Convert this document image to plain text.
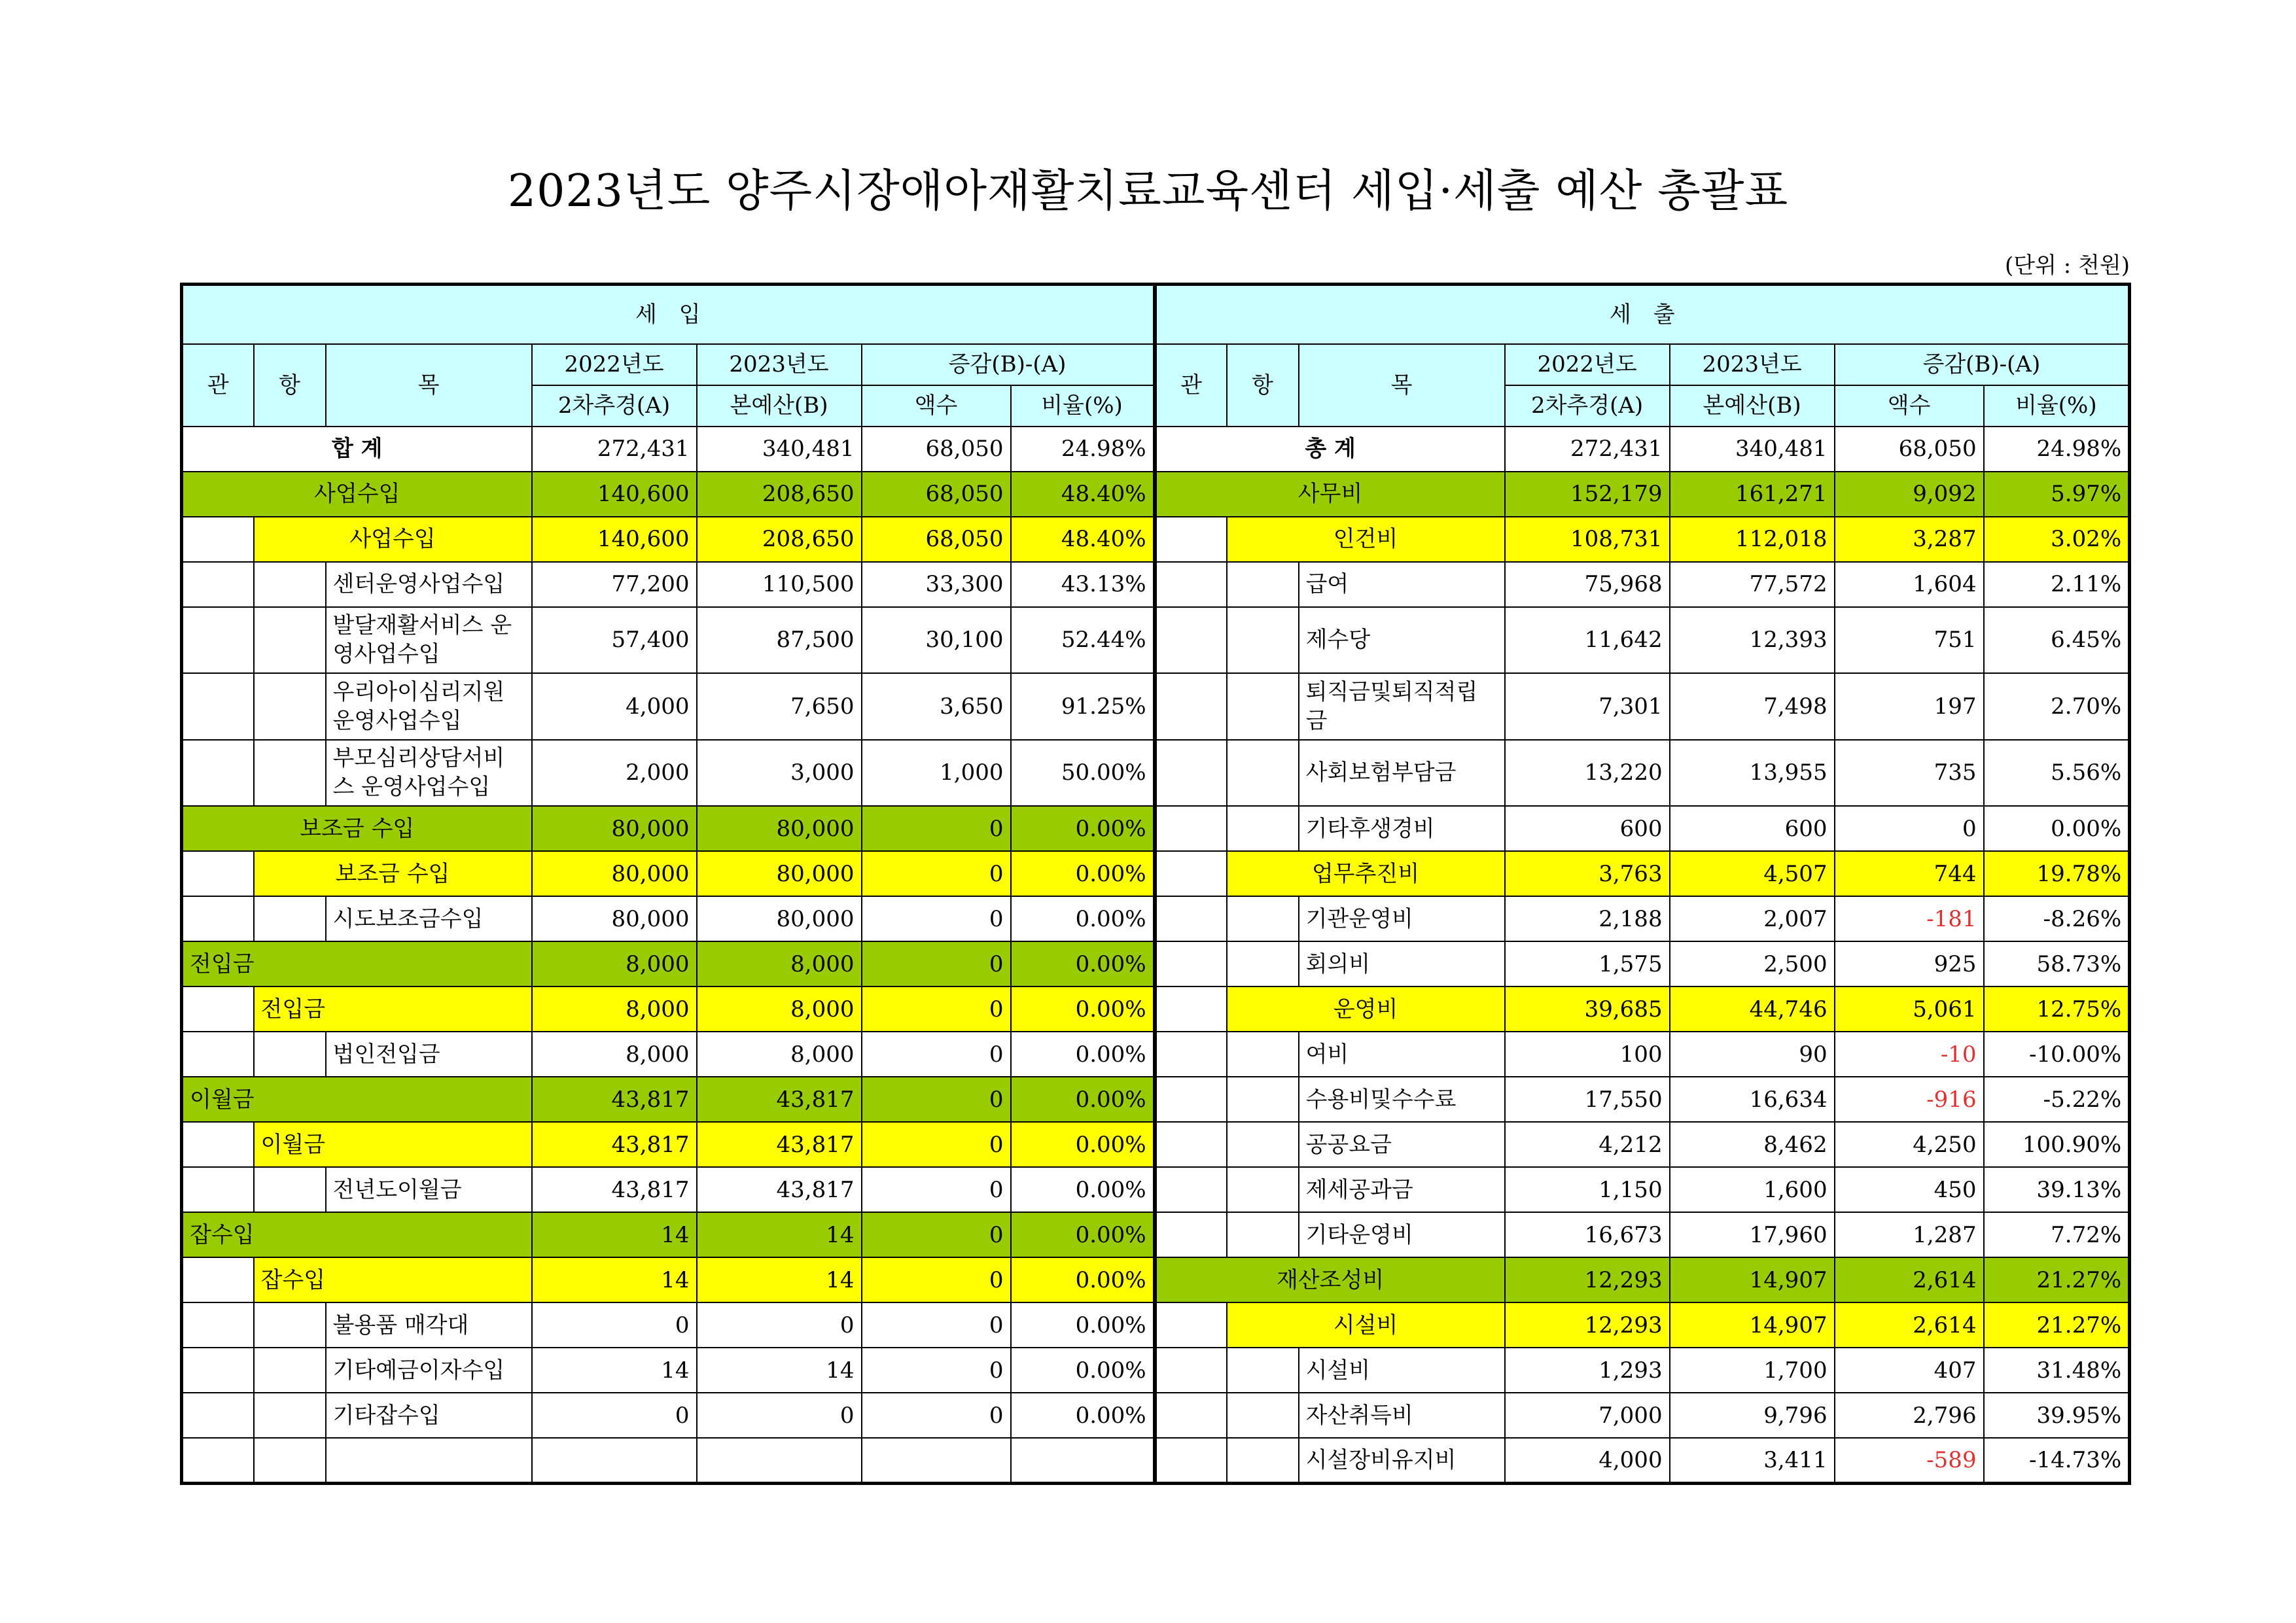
2023년도 양주시장애아재활치료교육센터 세입·세출 예산 총괄표
(단위 : 천원)
세　입							세　출						
관	항	목	2022년도	2023년도	증감(B)-(A)		관	항	목	2022년도	2023년도	증감(B)-(A)	
			2차추경(A)	본예산(B)	액수	비율(%)				2차추경(A)	본예산(B)	액수	비율(%)
합 계			272,431	340,481	68,050	24.98%	총 계			272,431	340,481	68,050	24.98%
사업수입			140,600	208,650	68,050	48.40%	사무비			152,179	161,271	9,092	5.97%
	사업수입		140,600	208,650	68,050	48.40%		인건비		108,731	112,018	3,287	3.02%
		센터운영사업수입	77,200	110,500	33,300	43.13%			급여	75,968	77,572	1,604	2.11%
		발달재활서비스 운영사업수입	57,400	87,500	30,100	52.44%			제수당	11,642	12,393	751	6.45%
		우리아이심리지원 운영사업수입	4,000	7,650	3,650	91.25%			퇴직금및퇴직적립금	7,301	7,498	197	2.70%
		부모심리상담서비스 운영사업수입	2,000	3,000	1,000	50.00%			사회보험부담금	13,220	13,955	735	5.56%
보조금 수입			80,000	80,000	0	0.00%			기타후생경비	600	600	0	0.00%
	보조금 수입		80,000	80,000	0	0.00%		업무추진비		3,763	4,507	744	19.78%
		시도보조금수입	80,000	80,000	0	0.00%			기관운영비	2,188	2,007	-181	-8.26%
전입금			8,000	8,000	0	0.00%			회의비	1,575	2,500	925	58.73%
	전입금		8,000	8,000	0	0.00%		운영비		39,685	44,746	5,061	12.75%
		법인전입금	8,000	8,000	0	0.00%			여비	100	90	-10	-10.00%
이월금			43,817	43,817	0	0.00%			수용비및수수료	17,550	16,634	-916	-5.22%
	이월금		43,817	43,817	0	0.00%			공공요금	4,212	8,462	4,250	100.90%
		전년도이월금	43,817	43,817	0	0.00%			제세공과금	1,150	1,600	450	39.13%
잡수입			14	14	0	0.00%			기타운영비	16,673	17,960	1,287	7.72%
	잡수입		14	14	0	0.00%	재산조성비			12,293	14,907	2,614	21.27%
		불용품 매각대	0	0	0	0.00%		시설비		12,293	14,907	2,614	21.27%
		기타예금이자수입	14	14	0	0.00%			시설비	1,293	1,700	407	31.48%
		기타잡수입	0	0	0	0.00%			자산취득비	7,000	9,796	2,796	39.95%
									시설장비유지비	4,000	3,411	-589	-14.73%
